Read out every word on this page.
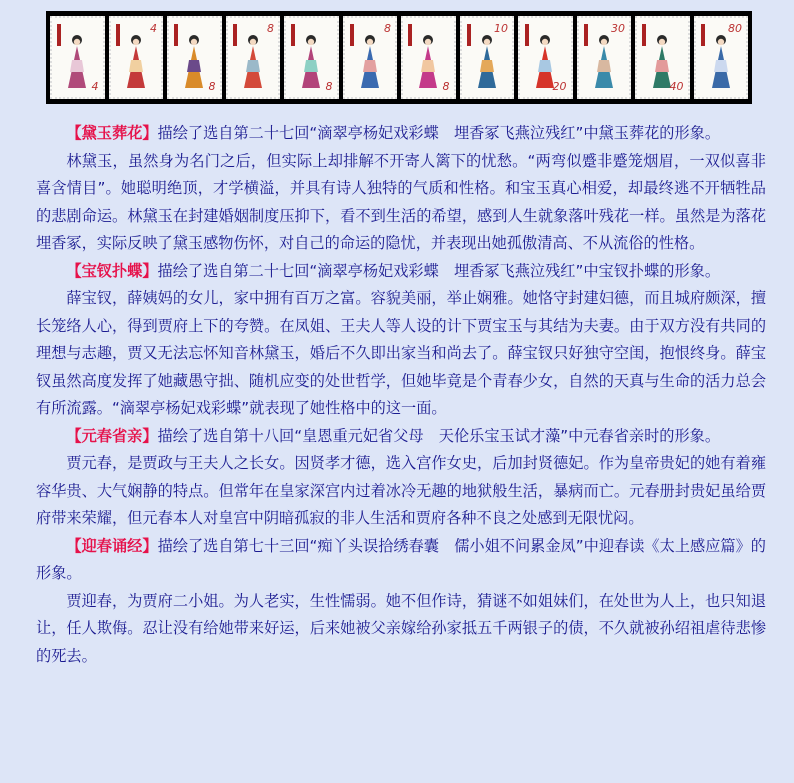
4
4
8
8
8
8
8
10
20
30
40
80

【黛玉葬花】描绘了选自第二十七回“滴翠亭杨妃戏彩蝶　埋香冢飞燕泣残红”中黛玉葬花的形象。

林黛玉，虽然身为名门之后，但实际上却排解不开寄人篱下的忧愁。“两弯似蹙非蹙笼烟眉，一双似喜非喜含情目”。她聪明绝顶，才学横溢，并具有诗人独特的气质和性格。和宝玉真心相爱，却最终逃不开牺牲品的悲剧命运。林黛玉在封建婚姻制度压抑下，看不到生活的希望，感到人生就象落叶残花一样。虽然是为落花埋香冢，实际反映了黛玉感物伤怀，对自己的命运的隐忧，并表现出她孤傲清高、不从流俗的性格。

【宝钗扑蝶】描绘了选自第二十七回“滴翠亭杨妃戏彩蝶　埋香冢飞燕泣残红”中宝钗扑蝶的形象。

薛宝钗，薛姨妈的女儿，家中拥有百万之富。容貌美丽，举止娴雅。她恪守封建妇德，而且城府颇深，擅长笼络人心，得到贾府上下的夸赞。在凤姐、王夫人等人设的计下贾宝玉与其结为夫妻。由于双方没有共同的理想与志趣，贾又无法忘怀知音林黛玉，婚后不久即出家当和尚去了。薛宝钗只好独守空闺，抱恨终身。薛宝钗虽然高度发挥了她藏愚守拙、随机应变的处世哲学，但她毕竟是个青春少女，自然的天真与生命的活力总会有所流露。“滴翠亭杨妃戏彩蝶”就表现了她性格中的这一面。

【元春省亲】描绘了选自第十八回“皇恩重元妃省父母　天伦乐宝玉试才藻”中元春省亲时的形象。

贾元春，是贾政与王夫人之长女。因贤孝才德，选入宫作女史，后加封贤德妃。作为皇帝贵妃的她有着雍容华贵、大气娴静的特点。但常年在皇家深宫内过着冰冷无趣的地狱般生活，暴病而亡。元春册封贵妃虽给贾府带来荣耀，但元春本人对皇宫中阴暗孤寂的非人生活和贾府各种不良之处感到无限忧闷。

【迎春诵经】描绘了选自第七十三回“痴丫头误拾绣春囊　儒小姐不问累金凤”中迎春读《太上感应篇》的形象。

贾迎春，为贾府二小姐。为人老实，生性懦弱。她不但作诗，猜谜不如姐妹们，在处世为人上，也只知退让，任人欺侮。忍让没有给她带来好运，后来她被父亲嫁给孙家抵五千两银子的债，不久就被孙绍祖虐待悲惨的死去。
